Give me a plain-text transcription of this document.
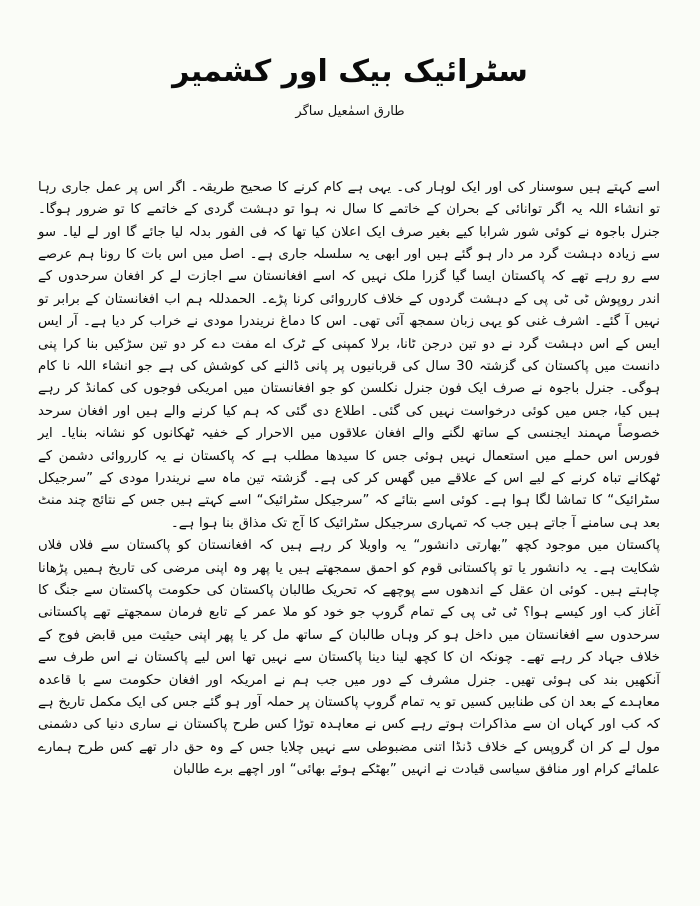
سٹرائیک بیک اور کشمیر
طارق اسمٰعیل ساگر

اسے کہتے ہیں سوسنار کی اور ایک لوہار کی۔ یہی ہے کام کرنے کا صحیح طریقہ۔ اگر اس پر عمل جاری رہا تو انشاء اللہ یہ اگر توانائی کے بحران کے خاتمے کا سال نہ ہوا تو دہشت گردی کے خاتمے کا تو ضرور ہوگا۔ جنرل باجوہ نے کوئی شور شرابا کیے بغیر صرف ایک اعلان کیا تھا کہ فی الفور بدلہ لیا جائے گا اور لے لیا۔ سو سے زیادہ دہشت گرد مر دار ہو گئے ہیں اور ابھی یہ سلسلہ جاری ہے۔ اصل میں اس بات کا رونا ہم عرصے سے رو رہے تھے کہ پاکستان ایسا گیا گزرا ملک نہیں کہ اسے افغانستان سے اجازت لے کر افغان سرحدوں کے اندر روپوش ٹی ٹی پی کے دہشت گردوں کے خلاف کارروائی کرنا پڑے۔ الحمدللہ ہم اب افغانستان کے برابر تو نہیں آ گئے۔ اشرف غنی کو یہی زبان سمجھ آئی تھی۔ اس کا دماغ نریندرا مودی نے خراب کر دیا ہے۔ آر ایس ایس کے اس دہشت گرد نے دو تین درجن ٹانا، برلا کمپنی کے ٹرک اے مفت دے کر دو تین سڑکیں بنا کرا پنی دانست میں پاکستان کی گزشتہ 30 سال کی قربانیوں پر پانی ڈالنے کی کوشش کی ہے جو انشاء اللہ نا کام ہوگی۔ جنرل باجوہ نے صرف ایک فون جنرل نکلسن کو جو افغانستان میں امریکی فوجوں کی کمانڈ کر رہے ہیں کیا، جس میں کوئی درخواست نہیں کی گئی۔ اطلاع دی گئی کہ ہم کیا کرنے والے ہیں اور افغان سرحد خصوصاً مہمند ایجنسی کے ساتھ لگنے والے افغان علاقوں میں الاحرار کے خفیہ ٹھکانوں کو نشانہ بنایا۔ ایر فورس اس حملے میں استعمال نہیں ہوئی جس کا سیدھا مطلب ہے کہ پاکستان نے یہ کارروائی دشمن کے ٹھکانے تباہ کرنے کے لیے اس کے علاقے میں گھس کر کی ہے۔ گزشتہ تین ماہ سے نریندرا مودی کے ”سرجیکل سٹرائیک“ کا تماشا لگا ہوا ہے۔ کوئی اسے بتائے کہ ”سرجیکل سٹرائیک“ اسے کہتے ہیں جس کے نتائج چند منٹ بعد ہی سامنے آ جاتے ہیں جب کہ تمہاری سرجیکل سٹرائیک کا آج تک مذاق بنا ہوا ہے۔

پاکستان میں موجود کچھ ”بھارتی دانشور“ یہ واویلا کر رہے ہیں کہ افغانستان کو پاکستان سے فلاں فلاں شکایت ہے۔ یہ دانشور یا تو پاکستانی قوم کو احمق سمجھتے ہیں یا پھر وہ اپنی مرضی کی تاریخ ہمیں پڑھانا چاہتے ہیں۔ کوئی ان عقل کے اندھوں سے پوچھے کہ تحریک طالبان پاکستان کی حکومت پاکستان سے جنگ کا آغاز کب اور کیسے ہوا؟ ٹی ٹی پی کے تمام گروپ جو خود کو ملا عمر کے تابع فرمان سمجھتے تھے پاکستانی سرحدوں سے افغانستان میں داخل ہو کر وہاں طالبان کے ساتھ مل کر یا پھر اپنی حیثیت میں قابض فوج کے خلاف جہاد کر رہے تھے۔ چونکہ ان کا کچھ لینا دینا پاکستان سے نہیں تھا اس لیے پاکستان نے اس طرف سے آنکھیں بند کی ہوئی تھیں۔ جنرل مشرف کے دور میں جب ہم نے امریکہ اور افغان حکومت سے با قاعدہ معاہدے کے بعد ان کی طنابیں کسیں تو یہ تمام گروپ پاکستان پر حملہ آور ہو گئے جس کی ایک مکمل تاریخ ہے کہ کب اور کہاں ان سے مذاکرات ہوتے رہے کس نے معاہدہ توڑا کس طرح پاکستان نے ساری دنیا کی دشمنی مول لے کر ان گروپس کے خلاف ڈنڈا اتنی مضبوطی سے نہیں چلایا جس کے وہ حق دار تھے کس طرح ہمارے علمائے کرام اور منافق سیاسی قیادت نے انہیں ”بھٹکے ہوئے بھائی“ اور اچھے برے طالبان
